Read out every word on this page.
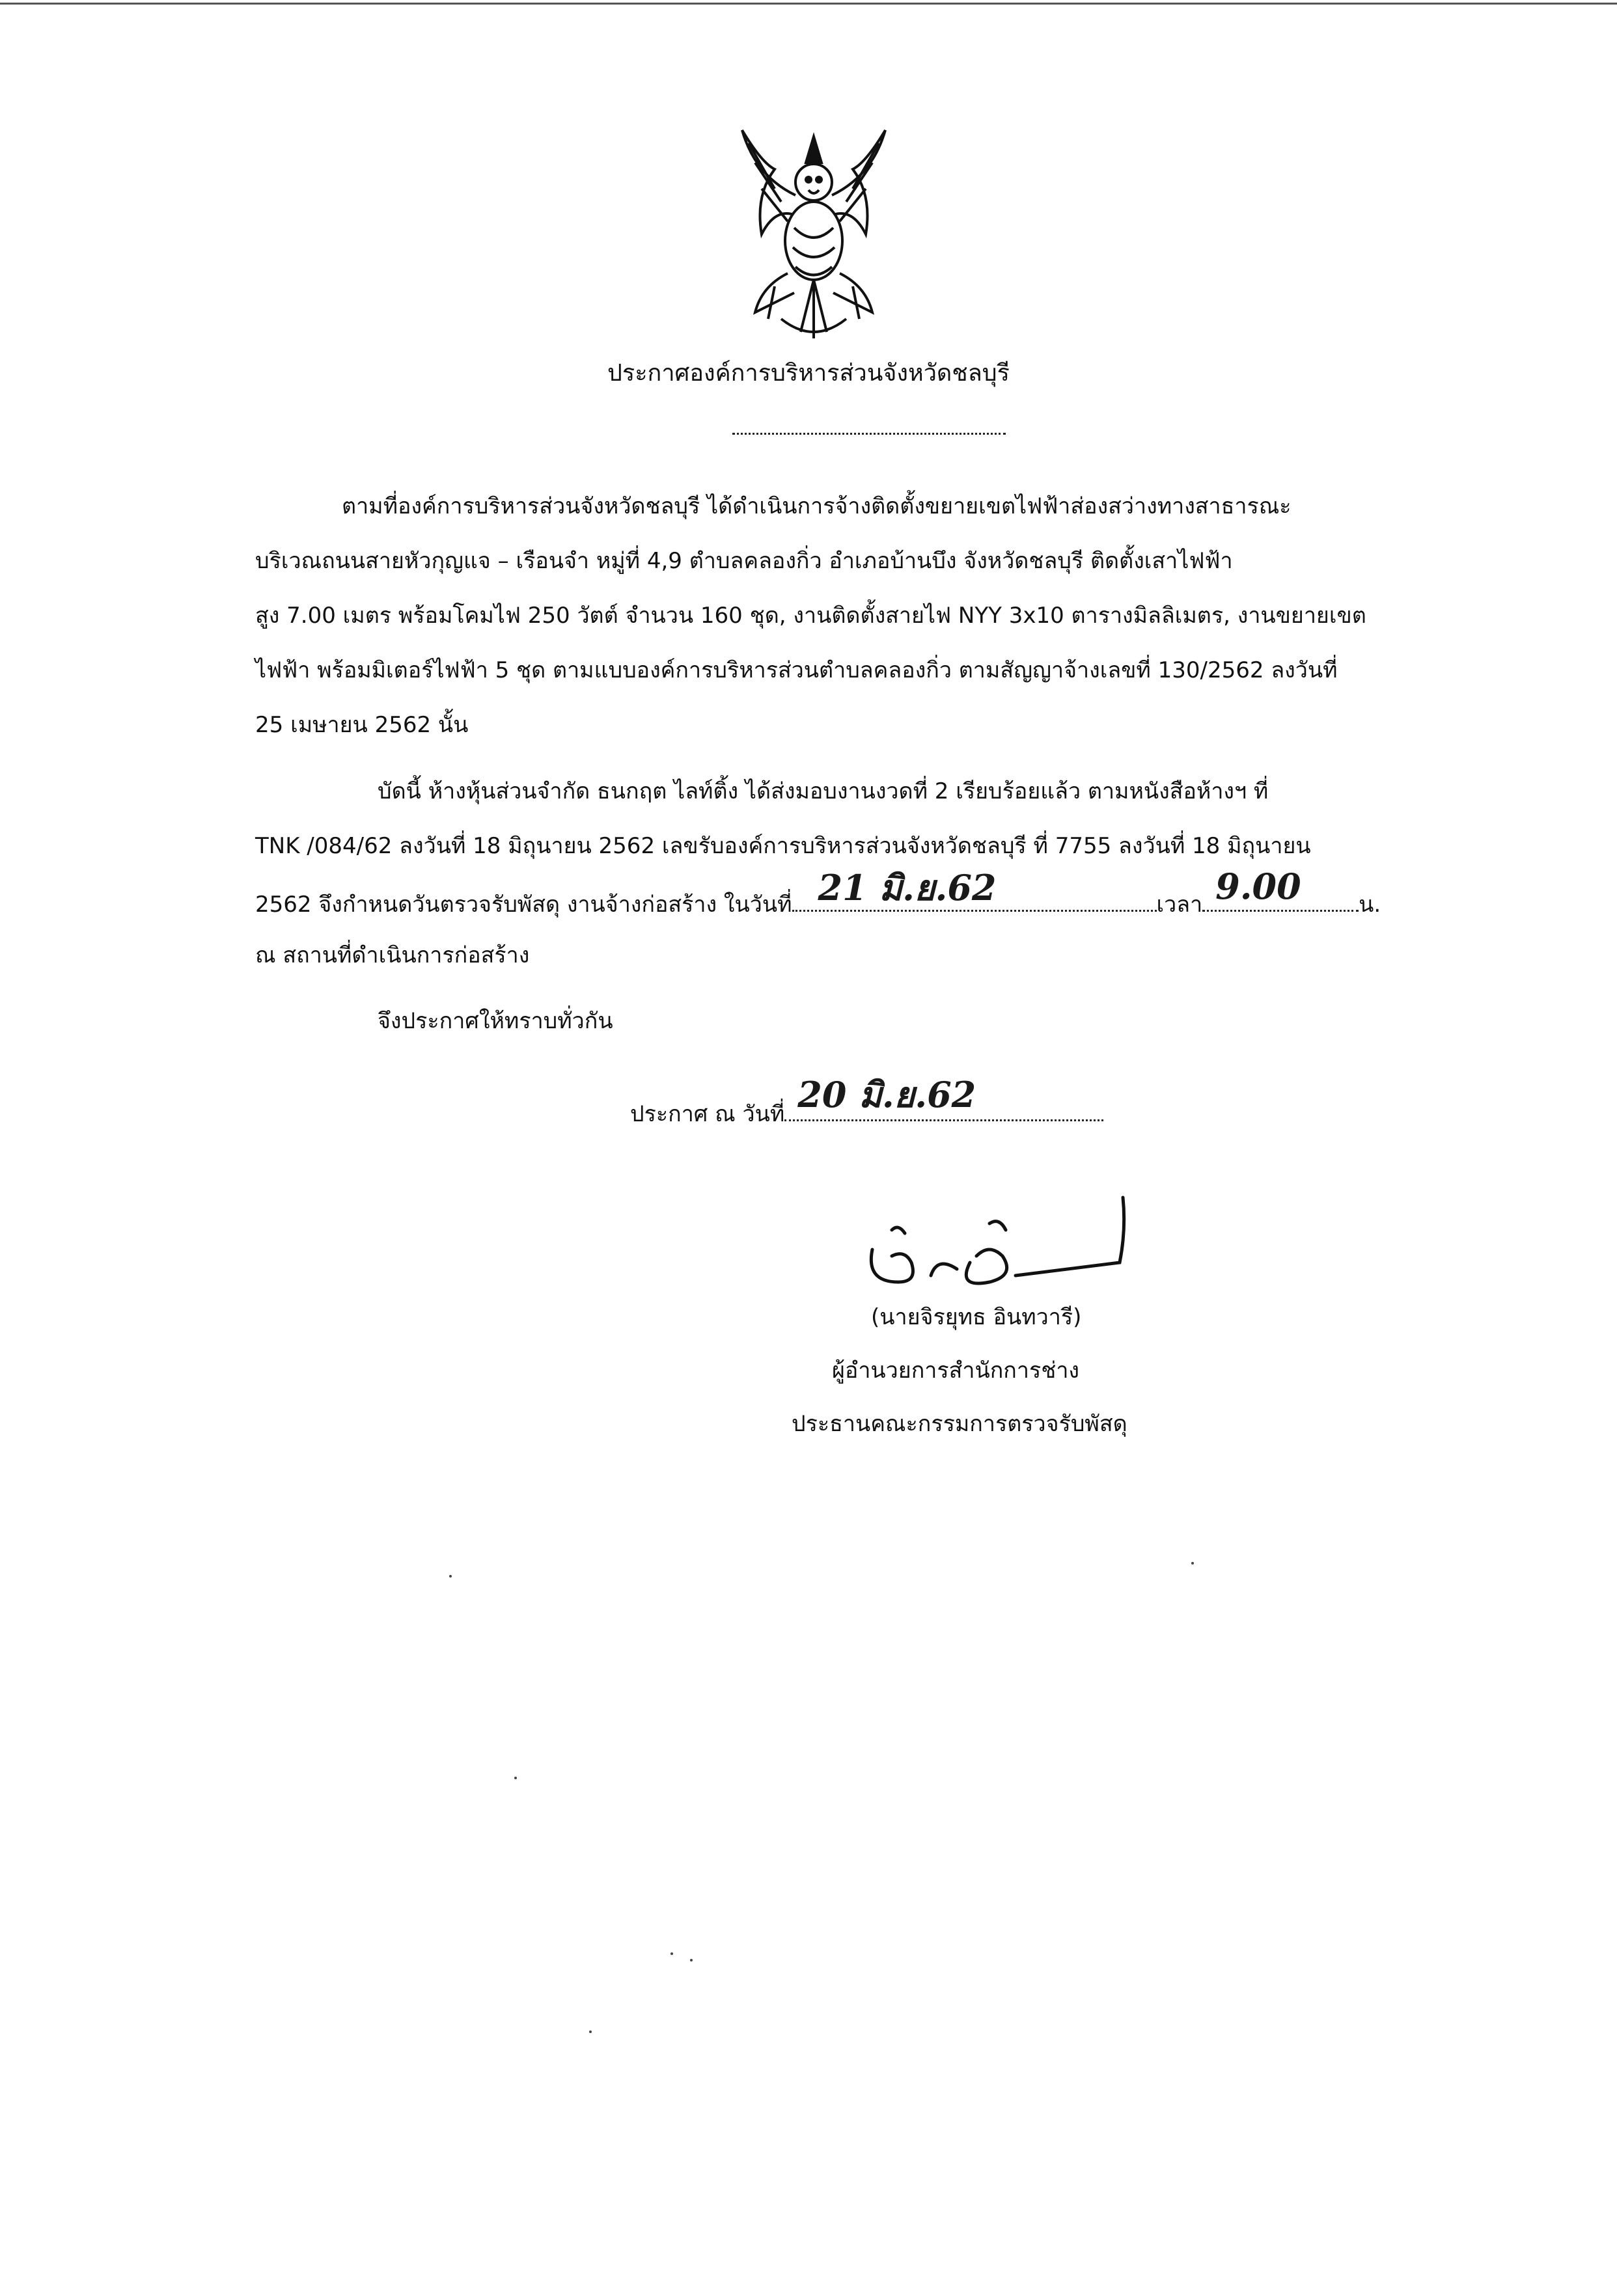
ประกาศองค์การบริหารส่วนจังหวัดชลบุรี
ตามที่องค์การบริหารส่วนจังหวัดชลบุรี ได้ดำเนินการจ้างติดตั้งขยายเขตไฟฟ้าส่องสว่างทางสาธารณะ
บริเวณถนนสายหัวกุญแจ – เรือนจำ หมู่ที่ 4,9 ตำบลคลองกิ่ว อำเภอบ้านบึง จังหวัดชลบุรี ติดตั้งเสาไฟฟ้า
สูง 7.00 เมตร พร้อมโคมไฟ 250 วัตต์ จำนวน 160 ชุด, งานติดตั้งสายไฟ NYY 3x10 ตารางมิลลิเมตร, งานขยายเขต
ไฟฟ้า พร้อมมิเตอร์ไฟฟ้า 5 ชุด ตามแบบองค์การบริหารส่วนตำบลคลองกิ่ว ตามสัญญาจ้างเลขที่ 130/2562 ลงวันที่
25 เมษายน 2562 นั้น
บัดนี้ ห้างหุ้นส่วนจำกัด ธนกฤต ไลท์ติ้ง ได้ส่งมอบงานงวดที่ 2 เรียบร้อยแล้ว ตามหนังสือห้างฯ ที่
TNK /084/62 ลงวันที่ 18 มิถุนายน 2562 เลขรับองค์การบริหารส่วนจังหวัดชลบุรี ที่ 7755 ลงวันที่ 18 มิถุนายน
2562 จึงกำหนดวันตรวจรับพัสดุ งานจ้างก่อสร้าง ในวันที่ 21 มิ.ย.62	เวลา 9.00	น.
ณ สถานที่ดำเนินการก่อสร้าง
จึงประกาศให้ทราบทั่วกัน
ประกาศ ณ วันที่ 20 มิ.ย.62
(นายจิรยุทธ อินทวารี)
ผู้อำนวยการสำนักการช่าง
ประธานคณะกรรมการตรวจรับพัสดุ
